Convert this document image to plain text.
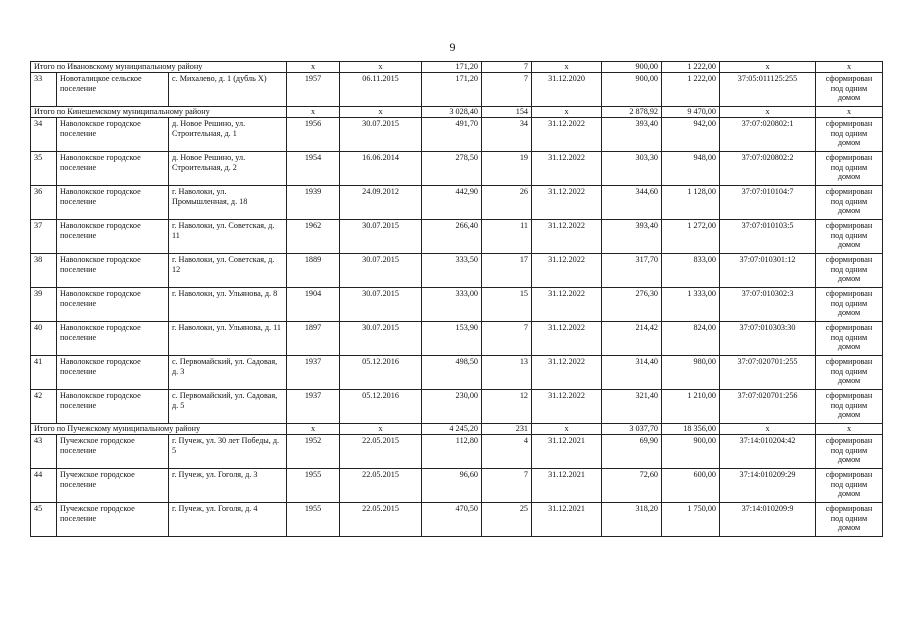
9
Итого по Ивановскому муниципальному району			x	x	171,20	7	x	900,00	1 222,00	x	x
33	Новоталицкое сельское поселение	с. Михалево, д. 1 (дубль Х)	1957	06.11.2015	171,20	7	31.12.2020	900,00	1 222,00	37:05:011125:255	сформирован под одним домом
Итого по Кинешемскому муниципальному району			x	x	3 028,40	154	x	2 878,92	9 470,00	x	x
34	Наволокское городское поселение	д. Новое Решино, ул. Строительная, д. 1	1956	30.07.2015	491,70	34	31.12.2022	393,40	942,00	37:07:020802:1	сформирован под одним домом
35	Наволокское городское поселение	д. Новое Решино, ул. Строительная, д. 2	1954	16.06.2014	278,50	19	31.12.2022	303,30	948,00	37:07:020802:2	сформирован под одним домом
36	Наволокское городское поселение	г. Наволоки, ул. Промышленная, д. 18	1939	24.09.2012	442,90	26	31.12.2022	344,60	1 128,00	37:07:010104:7	сформирован под одним домом
37	Наволокское городское поселение	г. Наволоки, ул. Советская, д. 11	1962	30.07.2015	266,40	11	31.12.2022	393,40	1 272,00	37:07:010103:5	сформирован под одним домом
38	Наволокское городское поселение	г. Наволоки, ул. Советская, д. 12	1889	30.07.2015	333,50	17	31.12.2022	317,70	833,00	37:07:010301:12	сформирован под одним домом
39	Наволокское городское поселение	г. Наволоки, ул. Ульянова, д. 8	1904	30.07.2015	333,00	15	31.12.2022	276,30	1 333,00	37:07:010302:3	сформирован под одним домом
40	Наволокское городское поселение	г. Наволоки, ул. Ульянова, д. 11	1897	30.07.2015	153,90	7	31.12.2022	214,42	824,00	37:07:010303:30	сформирован под одним домом
41	Наволокское городское поселение	с. Первомайский, ул. Садовая, д. 3	1937	05.12.2016	498,50	13	31.12.2022	314,40	980,00	37:07:020701:255	сформирован под одним домом
42	Наволокское городское поселение	с. Первомайский, ул. Садовая, д. 5	1937	05.12.2016	230,00	12	31.12.2022	321,40	1 210,00	37:07:020701:256	сформирован под одним домом
Итого по Пучежскому муниципальному району			x	x	4 245,20	231	x	3 037,70	18 356,00	x	x
43	Пучежское городское поселение	г. Пучеж, ул. 30 лет Победы, д. 5	1952	22.05.2015	112,80	4	31.12.2021	69,90	900,00	37:14:010204:42	сформирован под одним домом
44	Пучежское городское поселение	г. Пучеж, ул. Гоголя, д. 3	1955	22.05.2015	96,60	7	31.12.2021	72,60	600,00	37:14:010209:29	сформирован под одним домом
45	Пучежское городское поселение	г. Пучеж, ул. Гоголя, д. 4	1955	22.05.2015	470,50	25	31.12.2021	318,20	1 750,00	37:14:010209:9	сформирован под одним домом
